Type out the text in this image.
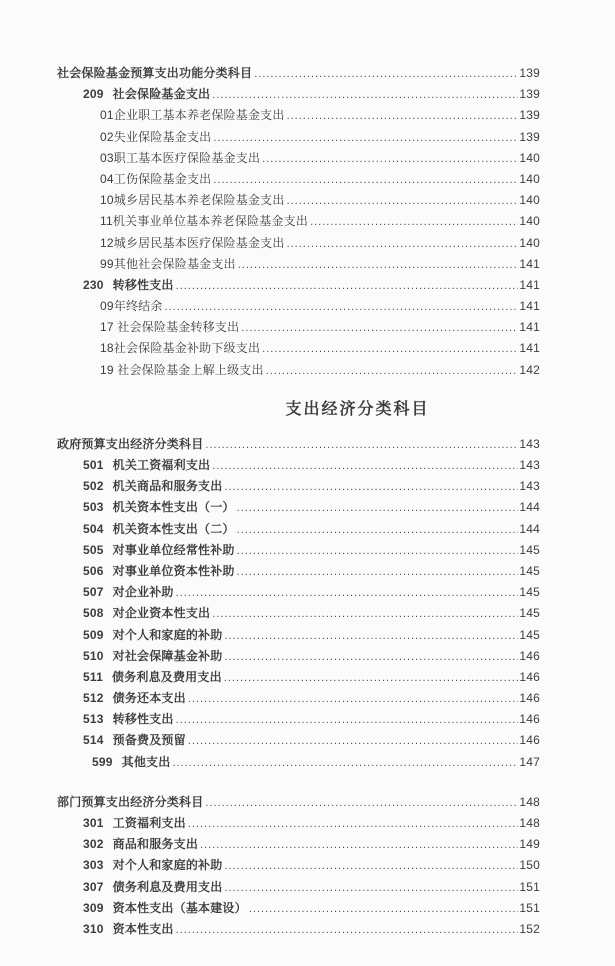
社会保险基金预算支出功能分类科目 .....	139
209 社会保险基金支出 .....	139
01企业职工基本养老保险基金支出 .....	139
02失业保险基金支出 .....	139
03职工基本医疗保险基金支出 .....	140
04工伤保险基金支出 .....	140
10城乡居民基本养老保险基金支出 .....	140
11机关事业单位基本养老保险基金支出 .....	140
12城乡居民基本医疗保险基金支出 .....	140
99其他社会保险基金支出 .....	141
230 转移性支出 .....	141
09年终结余 .....	141
17 社会保险基金转移支出 .....	141
18社会保险基金补助下级支出 .....	141
19 社会保险基金上解上级支出 .....	142
支出经济分类科目
政府预算支出经济分类科目 .....	143
501 机关工资福利支出 .....	143
502 机关商品和服务支出 .....	143
503 机关资本性支出（一） .....	144
504 机关资本性支出（二） .....	144
505 对事业单位经常性补助 .....	145
506 对事业单位资本性补助 .....	145
507 对企业补助 .....	145
508 对企业资本性支出 .....	145
509 对个人和家庭的补助 .....	145
510 对社会保障基金补助 .....	146
511 债务利息及费用支出 .....	146
512 债务还本支出 .....	146
513 转移性支出 .....	146
514 预备费及预留 .....	146
599 其他支出 .....	147
部门预算支出经济分类科目 .....	148
301 工资福利支出 .....	148
302 商品和服务支出 .....	149
303 对个人和家庭的补助 .....	150
307 债务利息及费用支出 .....	151
309 资本性支出（基本建设） .....	151
310 资本性支出 .....	152
